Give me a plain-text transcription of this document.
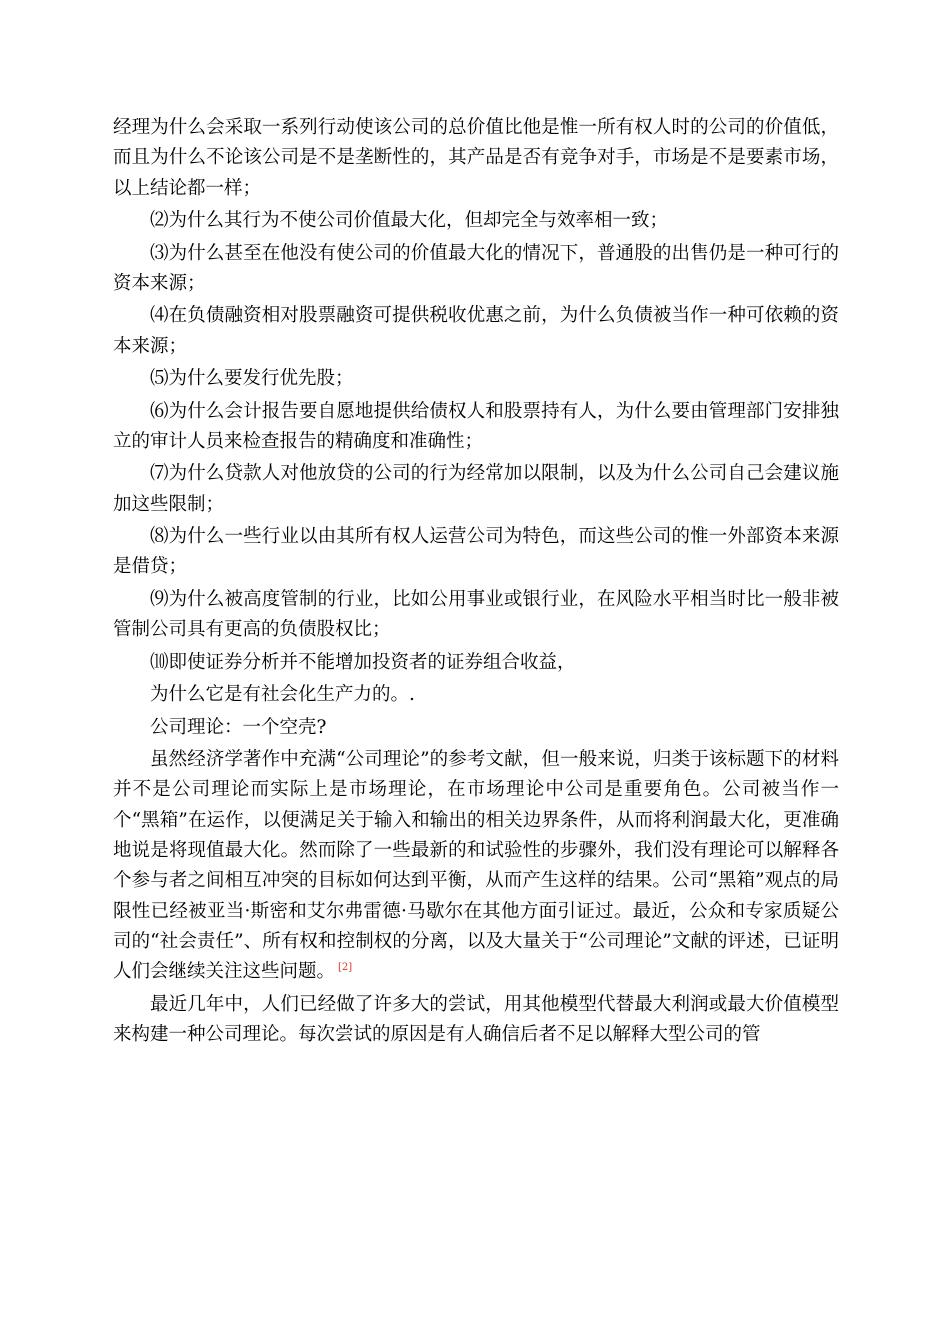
经理为什么会采取一系列行动使该公司的总价值比他是惟一所有权人时的公司的价值低，而且为什么不论该公司是不是垄断性的，其产品是否有竞争对手，市场是不是要素市场，以上结论都一样；

⑵为什么其行为不使公司价值最大化，但却完全与效率相一致；

⑶为什么甚至在他没有使公司的价值最大化的情况下，普通股的出售仍是一种可行的资本来源；

⑷在负债融资相对股票融资可提供税收优惠之前，为什么负债被当作一种可依赖的资本来源；

⑸为什么要发行优先股；

⑹为什么会计报告要自愿地提供给债权人和股票持有人，为什么要由管理部门安排独立的审计人员来检查报告的精确度和准确性；

⑺为什么贷款人对他放贷的公司的行为经常加以限制，以及为什么公司自己会建议施加这些限制；

⑻为什么一些行业以由其所有权人运营公司为特色，而这些公司的惟一外部资本来源是借贷；

⑼为什么被高度管制的行业，比如公用事业或银行业，在风险水平相当时比一般非被管制公司具有更高的负债股权比；

⑽即使证券分析并不能增加投资者的证券组合收益，

为什么它是有社会化生产力的。.

公司理论：一个空壳?

虽然经济学著作中充满“公司理论”的参考文献，但一般来说，归类于该标题下的材料并不是公司理论而实际上是市场理论，在市场理论中公司是重要角色。公司被当作一个“黑箱”在运作，以便满足关于输入和输出的相关边界条件，从而将利润最大化，更准确地说是将现值最大化。然而除了一些最新的和试验性的步骤外，我们没有理论可以解释各个参与者之间相互冲突的目标如何达到平衡，从而产生这样的结果。公司“黑箱”观点的局限性已经被亚当·斯密和艾尔弗雷德·马歇尔在其他方面引证过。最近，公众和专家质疑公司的“社会责任”、所有权和控制权的分离，以及大量关于“公司理论”文献的评述，已证明人们会继续关注这些问题。 [2]

最近几年中，人们已经做了许多大的尝试，用其他模型代替最大利润或最大价值模型来构建一种公司理论。每次尝试的原因是有人确信后者不足以解释大型公司的管
